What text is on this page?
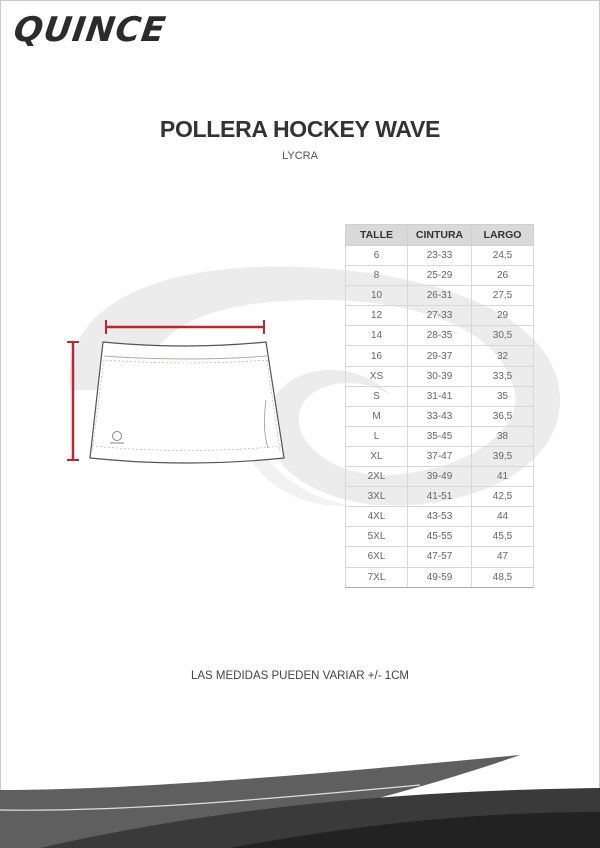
QUINCE
POLLERA HOCKEY WAVE
LYCRA
TALLE	CINTURA	LARGO
6	23-33	24,5
8	25-29	26
10	26-31	27,5
12	27-33	29
14	28-35	30,5
16	29-37	32
XS	30-39	33,5
S	31-41	35
M	33-43	36,5
L	35-45	38
XL	37-47	39,5
2XL	39-49	41
3XL	41-51	42,5
4XL	43-53	44
5XL	45-55	45,5
6XL	47-57	47
7XL	49-59	48,5
LAS MEDIDAS PUEDEN VARIAR +/- 1CM
